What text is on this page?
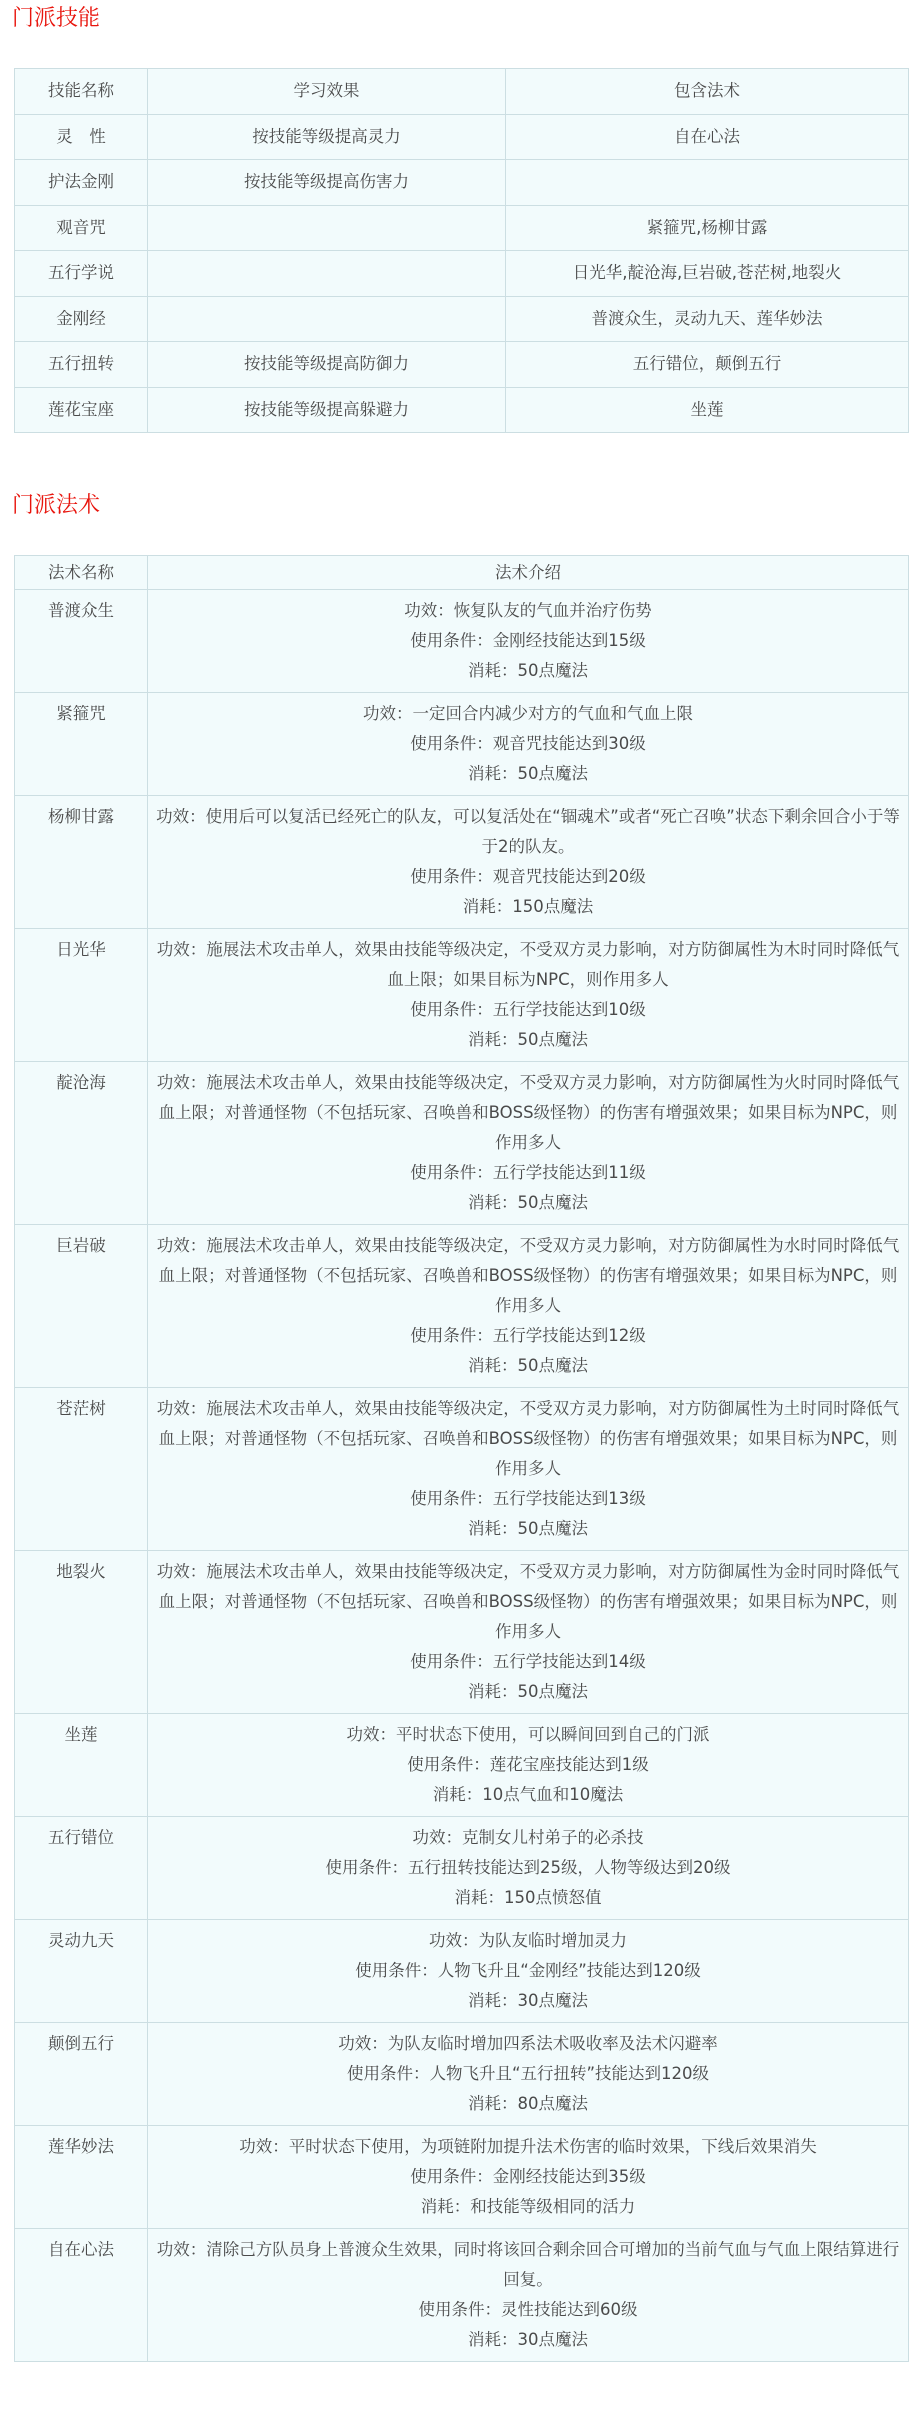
门派技能
技能名称	学习效果	包含法术
灵　性	按技能等级提高灵力	自在心法
护法金刚	按技能等级提高伤害力	
观音咒		紧箍咒,杨柳甘露
五行学说		日光华,靛沧海,巨岩破,苍茫树,地裂火
金刚经		普渡众生，灵动九天、莲华妙法
五行扭转	按技能等级提高防御力	五行错位，颠倒五行
莲花宝座	按技能等级提高躲避力	坐莲
门派法术
法术名称	法术介绍
普渡众生	功效：恢复队友的气血并治疗伤势
使用条件：金刚经技能达到15级
消耗：50点魔法

紧箍咒	功效：一定回合内减少对方的气血和气血上限
使用条件：观音咒技能达到30级
消耗：50点魔法

杨柳甘露	功效：使用后可以复活已经死亡的队友，可以复活处在“锢魂术”或者“死亡召唤”状态下剩余回合小于等于2的队友。
使用条件：观音咒技能达到20级
消耗：150点魔法

日光华	功效：施展法术攻击单人，效果由技能等级决定，不受双方灵力影响，对方防御属性为木时同时降低气血上限；如果目标为NPC，则作用多人
使用条件：五行学技能达到10级
消耗：50点魔法

靛沧海	功效：施展法术攻击单人，效果由技能等级决定，不受双方灵力影响，对方防御属性为火时同时降低气血上限；对普通怪物（不包括玩家、召唤兽和BOSS级怪物）的伤害有增强效果；如果目标为NPC，则作用多人
使用条件：五行学技能达到11级
消耗：50点魔法

巨岩破	功效：施展法术攻击单人，效果由技能等级决定，不受双方灵力影响，对方防御属性为水时同时降低气血上限；对普通怪物（不包括玩家、召唤兽和BOSS级怪物）的伤害有增强效果；如果目标为NPC，则作用多人
使用条件：五行学技能达到12级
消耗：50点魔法

苍茫树	功效：施展法术攻击单人，效果由技能等级决定，不受双方灵力影响，对方防御属性为土时同时降低气血上限；对普通怪物（不包括玩家、召唤兽和BOSS级怪物）的伤害有增强效果；如果目标为NPC，则作用多人
使用条件：五行学技能达到13级
消耗：50点魔法

地裂火	功效：施展法术攻击单人，效果由技能等级决定，不受双方灵力影响，对方防御属性为金时同时降低气血上限；对普通怪物（不包括玩家、召唤兽和BOSS级怪物）的伤害有增强效果；如果目标为NPC，则作用多人
使用条件：五行学技能达到14级
消耗：50点魔法

坐莲	功效：平时状态下使用，可以瞬间回到自己的门派
使用条件：莲花宝座技能达到1级
消耗：10点气血和10魔法

五行错位	功效：克制女儿村弟子的必杀技
使用条件：五行扭转技能达到25级，人物等级达到20级
消耗：150点愤怒值

灵动九天	功效：为队友临时增加灵力
使用条件：人物飞升且“金刚经”技能达到120级
消耗：30点魔法

颠倒五行	功效：为队友临时增加四系法术吸收率及法术闪避率
使用条件：人物飞升且“五行扭转”技能达到120级
消耗：80点魔法

莲华妙法	功效：平时状态下使用，为项链附加提升法术伤害的临时效果，下线后效果消失
使用条件：金刚经技能达到35级
消耗：和技能等级相同的活力

自在心法	功效：清除己方队员身上普渡众生效果，同时将该回合剩余回合可增加的当前气血与气血上限结算进行回复。
使用条件：灵性技能达到60级
消耗：30点魔法
